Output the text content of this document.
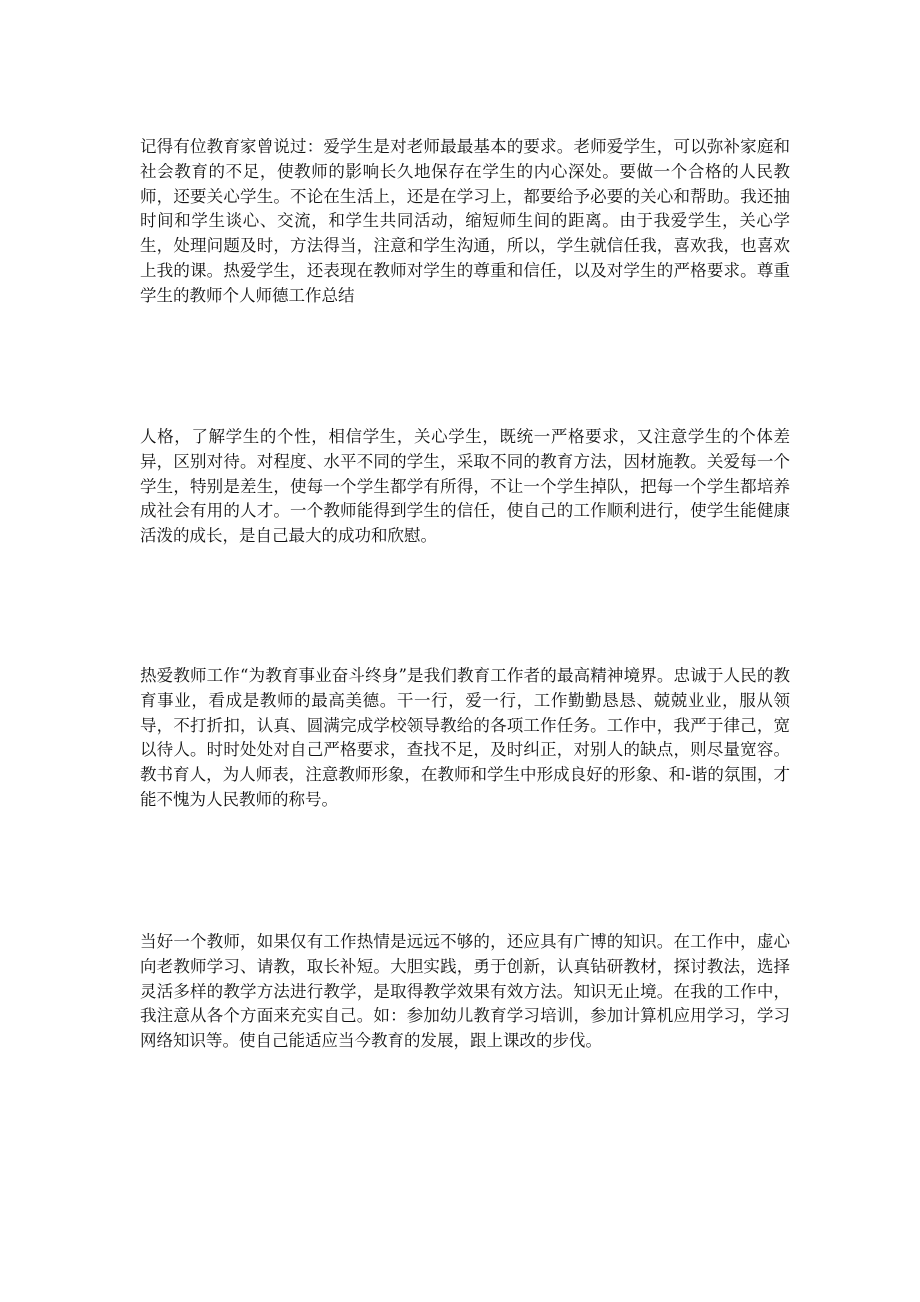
记得有位教育家曾说过：爱学生是对老师最最基本的要求。老师爱学生，可以弥补家庭和社会教育的不足，使教师的影响长久地保存在学生的内心深处。要做一个合格的人民教师，还要关心学生。不论在生活上，还是在学习上，都要给予必要的关心和帮助。我还抽时间和学生谈心、交流，和学生共同活动，缩短师生间的距离。由于我爱学生，关心学生，处理问题及时，方法得当，注意和学生沟通，所以，学生就信任我，喜欢我，也喜欢上我的课。热爱学生，还表现在教师对学生的尊重和信任，以及对学生的严格要求。尊重学生的教师个人师德工作总结

人格，了解学生的个性，相信学生，关心学生，既统一严格要求，又注意学生的个体差异，区别对待。对程度、水平不同的学生，采取不同的教育方法，因材施教。关爱每一个学生，特别是差生，使每一个学生都学有所得，不让一个学生掉队，把每一个学生都培养成社会有用的人才。一个教师能得到学生的信任，使自己的工作顺利进行，使学生能健康活泼的成长，是自己最大的成功和欣慰。

热爱教师工作“为教育事业奋斗终身”是我们教育工作者的最高精神境界。忠诚于人民的教育事业，看成是教师的最高美德。干一行，爱一行，工作勤勤恳恳、兢兢业业，服从领导，不打折扣，认真、圆满完成学校领导教给的各项工作任务。工作中，我严于律己，宽以待人。时时处处对自己严格要求，查找不足，及时纠正，对别人的缺点，则尽量宽容。教书育人，为人师表，注意教师形象，在教师和学生中形成良好的形象、和-谐的氛围，才能不愧为人民教师的称号。

当好一个教师，如果仅有工作热情是远远不够的，还应具有广博的知识。在工作中，虚心向老教师学习、请教，取长补短。大胆实践，勇于创新，认真钻研教材，探讨教法，选择灵活多样的教学方法进行教学，是取得教学效果有效方法。知识无止境。在我的工作中，我注意从各个方面来充实自己。如：参加幼儿教育学习培训，参加计算机应用学习，学习网络知识等。使自己能适应当今教育的发展，跟上课改的步伐。
